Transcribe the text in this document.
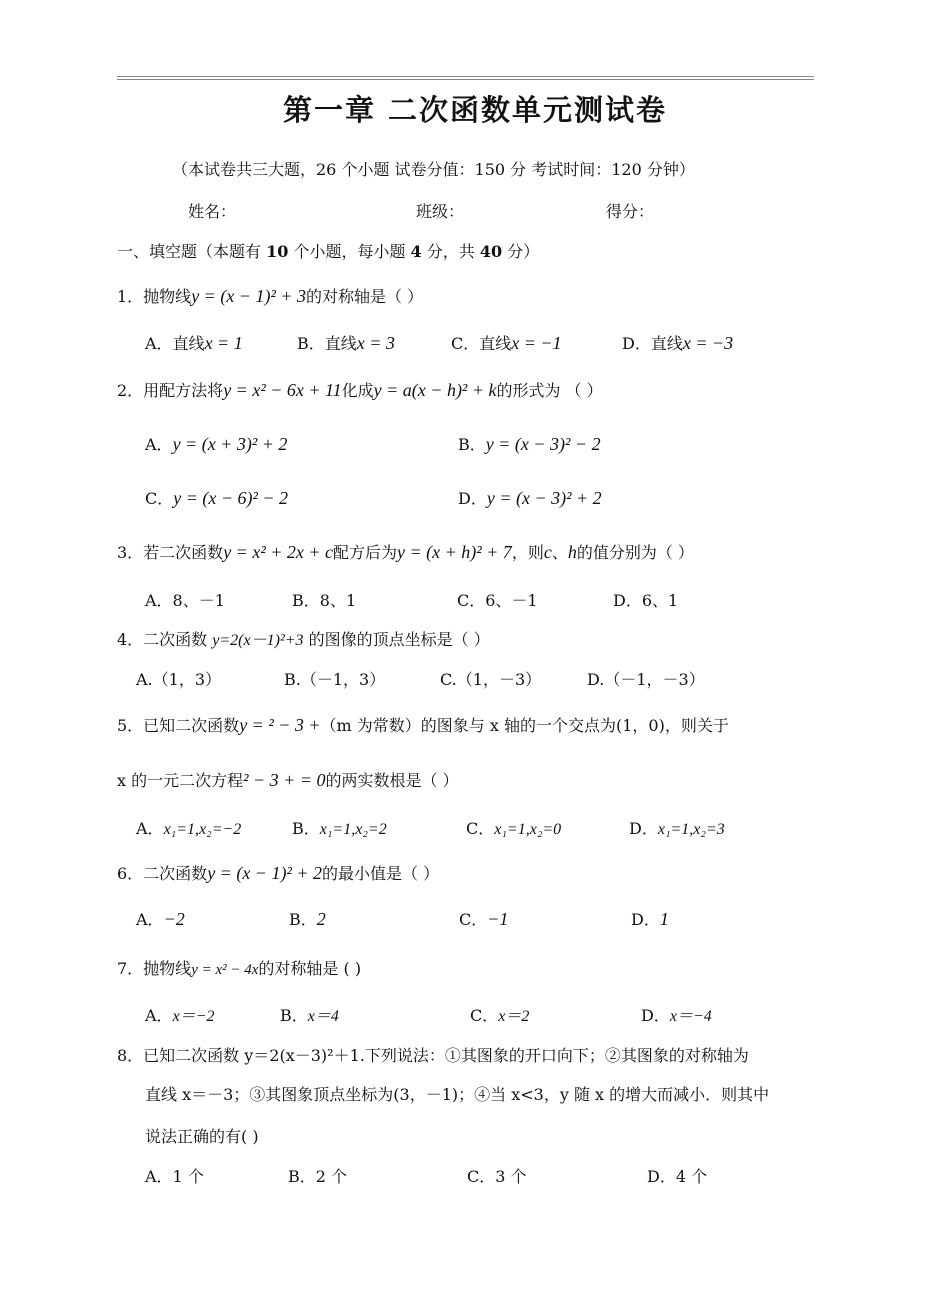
第一章 二次函数单元测试卷
（本试卷共三大题，26 个小题 试卷分值：150 分 考试时间：120 分钟）
姓名：	班级：	得分：
一、填空题（本题有 10 个小题，每小题 4 分，共 40 分）
1．抛物线y = (x − 1)² + 3的对称轴是（ ）
A．直线x = 1	B．直线x = 3	C．直线x = −1	D．直线x = −3
2．用配方法将y = x² − 6x + 11化成y = a(x − h)² + k的形式为 （ ）
A．y = (x + 3)² + 2	B．y = (x − 3)² − 2
C．y = (x − 6)² − 2	D．y = (x − 3)² + 2
3．若二次函数y = x² + 2x + c配方后为y = (x + h)² + 7，则c、h的值分别为（ ）
A．8、－1	B．8、1	C．6、－1	D．6、1
4．二次函数 y=2(x－1)²+3 的图像的顶点坐标是（ ）
A.（1，3）	B.（－1，3）	C.（1，－3）	D.（－1，－3）
5．已知二次函数y = ² − 3 +（m 为常数）的图象与 x 轴的一个交点为(1，0)，则关于
x 的一元二次方程² − 3 + = 0的两实数根是（ ）
A．x₁=1,x₂=−2	B．x₁=1,x₂=2	C．x₁=1,x₂=0	D．x₁=1,x₂=3
6．二次函数y = (x − 1)² + 2的最小值是（ ）
A．−2	B．2	C．−1	D．1
7．抛物线y = x² − 4x的对称轴是 ( )
A．x＝−2	B．x＝4	C．x＝2	D．x＝−4
8．已知二次函数 y＝2(x－3)²＋1.下列说法：①其图象的开口向下；②其图象的对称轴为
直线 x＝－3；③其图象顶点坐标为(3，－1)；④当 x<3，y 随 x 的增大而减小．则其中
说法正确的有( )
A．1 个	B．2 个	C．3 个	D．4 个
